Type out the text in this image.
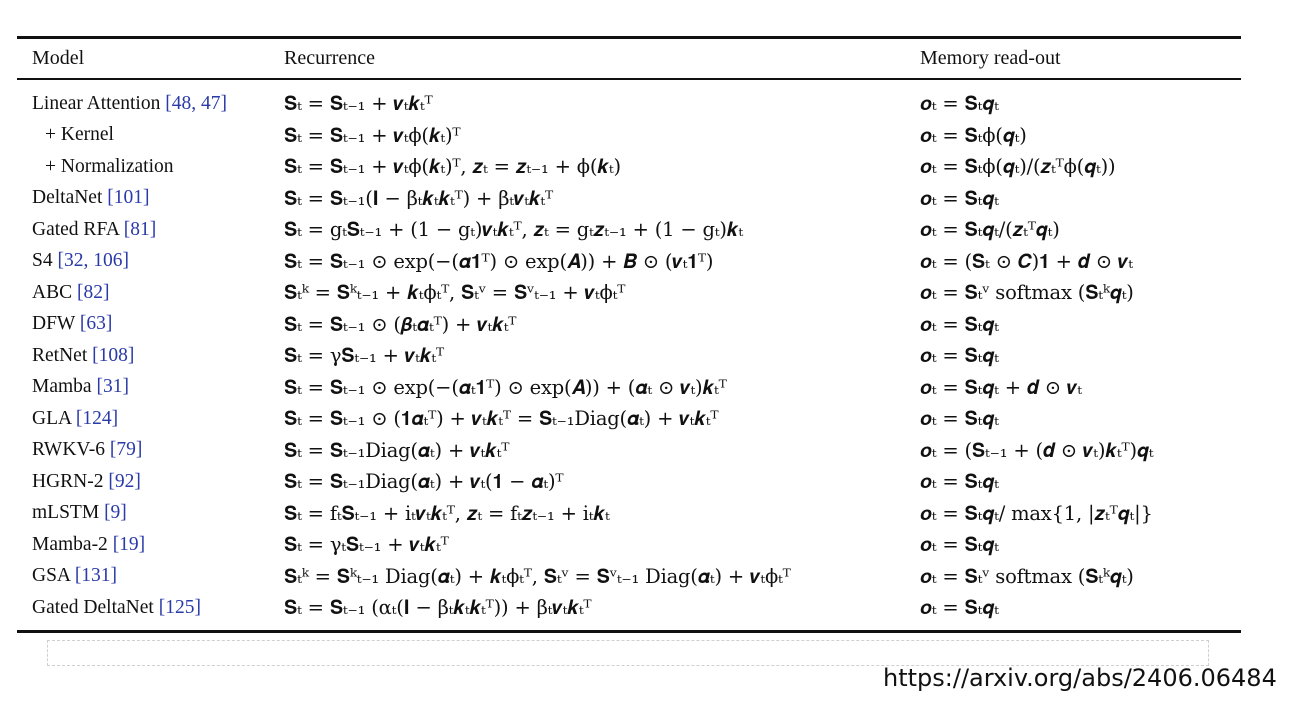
Model	Recurrence	Memory read-out
Linear Attention [48, 47]	𝐒ₜ = 𝐒ₜ₋₁ + 𝒗ₜ𝒌ₜᵀ	𝒐ₜ = 𝐒ₜ𝒒ₜ
+ Kernel	𝐒ₜ = 𝐒ₜ₋₁ + 𝒗ₜϕ(𝒌ₜ)ᵀ	𝒐ₜ = 𝐒ₜϕ(𝒒ₜ)
+ Normalization	𝐒ₜ = 𝐒ₜ₋₁ + 𝒗ₜϕ(𝒌ₜ)ᵀ, 𝒛ₜ = 𝒛ₜ₋₁ + ϕ(𝒌ₜ)	𝒐ₜ = 𝐒ₜϕ(𝒒ₜ)/(𝒛ₜᵀϕ(𝒒ₜ))
DeltaNet [101]	𝐒ₜ = 𝐒ₜ₋₁(𝐈 − βₜ𝒌ₜ𝒌ₜᵀ) + βₜ𝒗ₜ𝒌ₜᵀ	𝒐ₜ = 𝐒ₜ𝒒ₜ
Gated RFA [81]	𝐒ₜ = gₜ𝐒ₜ₋₁ + (1 − gₜ)𝒗ₜ𝒌ₜᵀ, 𝒛ₜ = gₜ𝒛ₜ₋₁ + (1 − gₜ)𝒌ₜ	𝒐ₜ = 𝐒ₜ𝒒ₜ/(𝒛ₜᵀ𝒒ₜ)
S4 [32, 106]	𝐒ₜ = 𝐒ₜ₋₁ ⊙ exp(−(𝜶𝟏ᵀ) ⊙ exp(𝑨)) + 𝑩 ⊙ (𝒗ₜ𝟏ᵀ)	𝒐ₜ = (𝐒ₜ ⊙ 𝑪)𝟏 + 𝒅 ⊙ 𝒗ₜ
ABC [82]	𝐒ₜᵏ = 𝐒ᵏₜ₋₁ + 𝒌ₜϕₜᵀ, 𝐒ₜᵛ = 𝐒ᵛₜ₋₁ + 𝒗ₜϕₜᵀ	𝒐ₜ = 𝐒ₜᵛ softmax (𝐒ₜᵏ𝒒ₜ)
DFW [63]	𝐒ₜ = 𝐒ₜ₋₁ ⊙ (𝜷ₜ𝜶ₜᵀ) + 𝒗ₜ𝒌ₜᵀ	𝒐ₜ = 𝐒ₜ𝒒ₜ
RetNet [108]	𝐒ₜ = γ𝐒ₜ₋₁ + 𝒗ₜ𝒌ₜᵀ	𝒐ₜ = 𝐒ₜ𝒒ₜ
Mamba [31]	𝐒ₜ = 𝐒ₜ₋₁ ⊙ exp(−(𝜶ₜ𝟏ᵀ) ⊙ exp(𝑨)) + (𝜶ₜ ⊙ 𝒗ₜ)𝒌ₜᵀ	𝒐ₜ = 𝐒ₜ𝒒ₜ + 𝒅 ⊙ 𝒗ₜ
GLA [124]	𝐒ₜ = 𝐒ₜ₋₁ ⊙ (𝟏𝜶ₜᵀ) + 𝒗ₜ𝒌ₜᵀ = 𝐒ₜ₋₁Diag(𝜶ₜ) + 𝒗ₜ𝒌ₜᵀ	𝒐ₜ = 𝐒ₜ𝒒ₜ
RWKV-6 [79]	𝐒ₜ = 𝐒ₜ₋₁Diag(𝜶ₜ) + 𝒗ₜ𝒌ₜᵀ	𝒐ₜ = (𝐒ₜ₋₁ + (𝒅 ⊙ 𝒗ₜ)𝒌ₜᵀ)𝒒ₜ
HGRN-2 [92]	𝐒ₜ = 𝐒ₜ₋₁Diag(𝜶ₜ) + 𝒗ₜ(𝟏 − 𝜶ₜ)ᵀ	𝒐ₜ = 𝐒ₜ𝒒ₜ
mLSTM [9]	𝐒ₜ = fₜ𝐒ₜ₋₁ + iₜ𝒗ₜ𝒌ₜᵀ, 𝒛ₜ = fₜ𝒛ₜ₋₁ + iₜ𝒌ₜ	𝒐ₜ = 𝐒ₜ𝒒ₜ/ max{1, |𝒛ₜᵀ𝒒ₜ|}
Mamba-2 [19]	𝐒ₜ = γₜ𝐒ₜ₋₁ + 𝒗ₜ𝒌ₜᵀ	𝒐ₜ = 𝐒ₜ𝒒ₜ
GSA [131]	𝐒ₜᵏ = 𝐒ᵏₜ₋₁ Diag(𝜶ₜ) + 𝒌ₜϕₜᵀ, 𝐒ₜᵛ = 𝐒ᵛₜ₋₁ Diag(𝜶ₜ) + 𝒗ₜϕₜᵀ	𝒐ₜ = 𝐒ₜᵛ softmax (𝐒ₜᵏ𝒒ₜ)
Gated DeltaNet [125]	𝐒ₜ = 𝐒ₜ₋₁ (αₜ(𝐈 − βₜ𝒌ₜ𝒌ₜᵀ)) + βₜ𝒗ₜ𝒌ₜᵀ	𝒐ₜ = 𝐒ₜ𝒒ₜ
https://arxiv.org/abs/2406.06484
